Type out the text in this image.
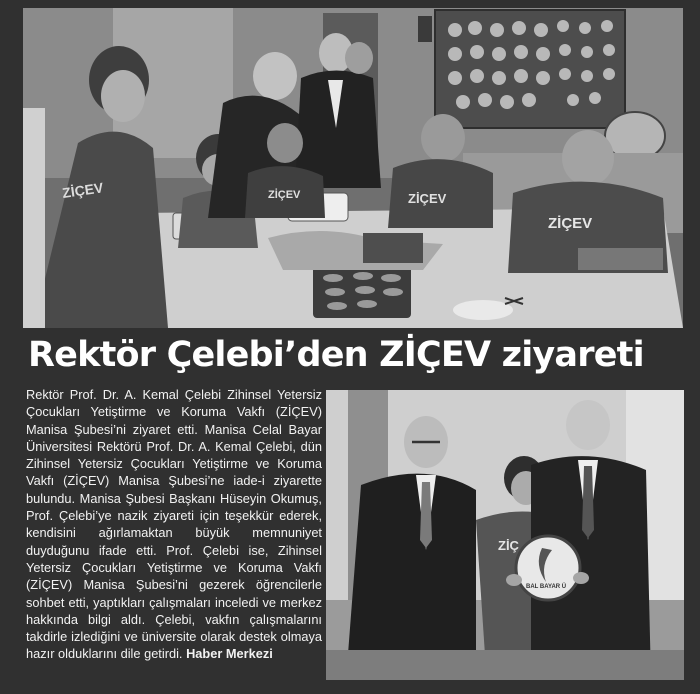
ZİÇEV	ZİÇEV	ZİÇEV
ZİÇEV
Rektör Çelebi’den ZİÇEV ziyareti

Rektör Prof. Dr. A. Kemal Çelebi Zihinsel Yetersiz Çocukları Yetiştirme ve Koruma Vakfı (ZİÇEV) Manisa Şubesi’ni ziyaret etti. Manisa Celal Bayar Üniversitesi Rektörü Prof. Dr. A. Kemal Çelebi, dün Zihinsel Yetersiz Çocukları Yetiştirme ve Koruma Vakfı (ZİÇEV) Manisa Şubesi’ne iade-i ziyarette bulundu. Manisa Şubesi Başkanı Hüseyin Okumuş, Prof. Çelebi’ye nazik ziyareti için teşekkür ederek, kendisini ağırlamaktan büyük memnuniyet duyduğunu ifade etti. Prof. Çelebi ise, Zihinsel Yetersiz Çocukları Yetiştirme ve Koruma Vakfı (ZİÇEV) Manisa Şubesi’ni gezerek öğrencilerle sohbet etti, yaptıkları çalışmaları inceledi ve merkez hakkında bilgi aldı. Çelebi, vakfın çalışmalarını takdirle izlediğini ve üniversite olarak destek olmaya hazır olduklarını dile getirdi. Haber Merkezi

ZİÇ
BAL BAYAR Ü
